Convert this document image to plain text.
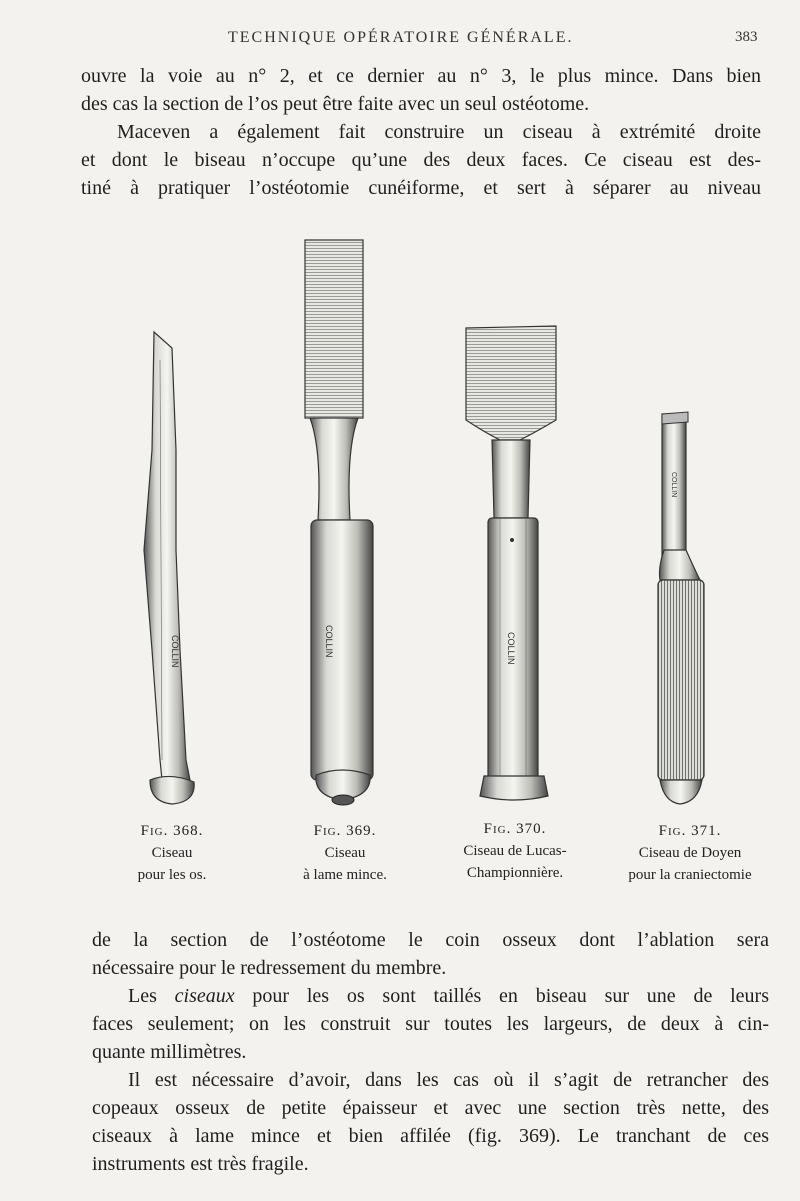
TECHNIQUE OPÉRATOIRE GÉNÉRALE.	383
ouvre la voie au n° 2, et ce dernier au n° 3, le plus mince. Dans bien
des cas la section de l’os peut être faite avec un seul ostéotome.
Maceven a également fait construire un ciseau à extrémité droite
et dont le biseau n’occupe qu’une des deux faces. Ce ciseau est des-
tiné à pratiquer l’ostéotomie cunéiforme, et sert à séparer au niveau
COLLIN	COLLIN	COLLIN
COLLIN
Fig. 368.
Ciseau
pour les os.
Fig. 369.
Ciseau
à lame mince.
Fig. 370.
Ciseau de Lucas-
Championnière.
Fig. 371.
Ciseau de Doyen
pour la craniectomie
de la section de l’ostéotome le coin osseux dont l’ablation sera
nécessaire pour le redressement du membre.
Les ciseaux pour les os sont taillés en biseau sur une de leurs
faces seulement; on les construit sur toutes les largeurs, de deux à cin-
quante millimètres.
Il est nécessaire d’avoir, dans les cas où il s’agit de retrancher des
copeaux osseux de petite épaisseur et avec une section très nette, des
ciseaux à lame mince et bien affilée (fig. 369). Le tranchant de ces
instruments est très fragile.
